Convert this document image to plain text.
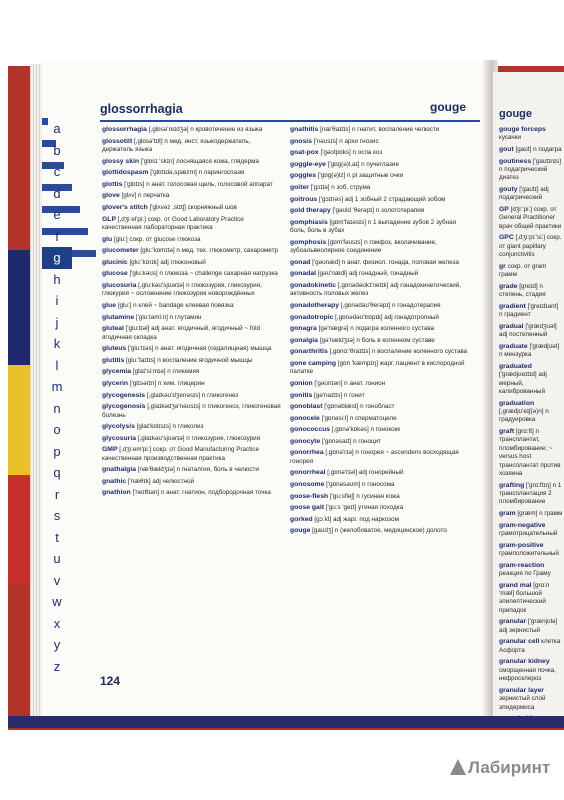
a
b
c
d
e
f
g
h
i
j
k
l
m
n
o
p
q
r
s
t
u
v
w
x
y
z
glossorrhagia	gouge
glossorrhagia [,glɒsə'reɪdʒə] n кровотечение из языка
glossotilt [,glɒsə'tɪlt] n мед. инст. языкодержатель, держатель языка
glossy skin ['glɒsɪ 'skɪn] лоснящаяся кожа, глядерма
glottidospasm ['glɒtɪdə,spæzm] n ларингоспазм
glottis ['glɒtɪs] n анат. голосовая щель, голосовой аппарат
glove [glʌv] n перчатка
glover's stitch ['glʌvəz ,stɪtʃ] скорняжный шов
GLP [,dʒi:el'pi:] сокр. от Good Laboratory Practice качественная лабораторная практика
glu [glu:] сокр. от glucose глюкоза
glucometer [glu:'kɒmɪtə] n мед. тех. глюкометр, сахарометр
glucinic [glu:'kɪnɪk] adj глюконовый
glucose ['glu:kəʊs] n глюкоза ~ challenge сахарная нагрузка
glucosuria [,glu:kəʊ'sjʊərɪə] n глюкозурия, гликозурия, глюкурия ~ осложнение глюкозурия новорождённых
glue [glu:] n клей ~ bandage клеевая повязка
glutamine ['glu:təmi:n] n глутамин
gluteal ['glu:tɪəl] adj анат. ягодичный, ягодичный ~ fold ягодичная складка
gluteus ['glu:tɪəs] n анат. ягодичная (седалищная) мышца
glutitis [glu:'taɪtɪs] n воспаление ягодичной мышцы
glycemia [glaɪ'si:mɪə] n гликемия
glycerin ['glɪsərɪn] n хим. глицерин
glycogenesis [,glaɪkəʊ'dʒenəsɪs] n гликогенез
glycogenosis [,glaɪkədʒə'nəʊsɪs] n гликогеноз, гликогеновая болезнь
glycolysis [glaɪ'kɒlɪsɪs] n гликолиз
glycosuria [,glaɪkəʊ'sjʊərɪə] n гликозурия, глюкозурия
GMP [,dʒi:em'pi:] сокр. от Good Manufacturing Practice качественная производственная практика
gnathalgia [næ'θældʒɪə] n гнаталгия, боль в челюсти
gnathic ['næθɪk] adj челюстной
gnathion ['neɪθɪən] n анат. гнатион, подбородочная точка
gnathitis [næ'θaɪtɪs] n гнатит, воспаление челюсти
gnosis ['nəʊsɪs] n архи гнозис
goat-pox ['gəʊtpɒks] n оспа коз
goggle-eye ['gɒg(ə)l,aɪ] n пучеглазие
goggles ['gɒg(ə)lz] n pl защитные очки
goiter ['gɔɪtə] n зоб, струма
goitrous ['gɔɪtrəs] adj 1 зобный 2 страдающий зобом
gold therapy ['gəʊld 'θerəpɪ] n золототерапия
gomphiasis [gɒm'faɪəsɪs] n 1 выпадение зубов 2 зубная боль, боль в зубах
gomphosis [gɒm'fəʊsɪs] n гомфоз, вколачивание, зубоальвеолярное соединение
gonad ['gəʊnæd] n анат. физиол. гонада, половая железа
gonadal [gəʊ'nædl] adj гонадный, гонадный
gonadokinetic [,gɒnədəʊkɪ'netɪk] adj гонадокинетический, активность половых желез
gonadotherapy [,gɒnədəʊ'θerəpɪ] n гонадотерапия
gonadotropic [,gɒnədəʊ'trɒpɪk] adj гонадотропный
gonagra [gə'nægrə] n подагра коленного сустава
gonalgia [gə'nældʒɪə] n боль в коленном суставе
gonarthritis [,gɒnɑ:'θraɪtɪs] n воспаление коленного сустава
gone camping [gɒn 'kæmpɪŋ] жарг. пациент в кислородной палатке
gonion ['gəʊnɪən] n анат. гонион
gonitis [gə'naɪtɪs] n гонит
gonoblast ['gɒnəblæst] n гонобласт
gonocele ['gɒnəsi:l] n сперматоцеле
gonococcus [,gɒnə'kɒkəs] n гонококк
gonocyte ['gɒnəsaɪt] n гоноцит
gonorrhea [,gɒnə'rɪə] n гонорея ~ ascendens восходящая гонорея
gonorrheal [,gɒnə'rɪəl] adj гонорейный
gonosome ['gɒnəsəʊm] n гоносома
goose-flesh ['gu:sfleʃ] n гусиная кожа
goose gait ['gu:s 'geɪt] утиная походка
gorked [gɔ:kt] adj жарг. под наркозом
gouge [gaʊdʒ] n (желобоватое, медицинское) долото
124
gouge
gouge forceps кусачки
gout [gaʊt] n подагра
goutiness ['gaʊtɪnɪs] n подагрический диатез
gouty ['gaʊtɪ] adj подагрический
GP [dʒi:'pi:] сокр. от General Practitioner врач общей практики
GPC [,dʒi:pi:'si:] сокр. от giant papillary conjunctivitis
gr сокр. от gram грамм
grade [greɪd] n степень, стадия
gradient ['greɪdɪənt] n градиент
gradual ['grædʒʊəl] adj постепенный
graduate ['grædjʊət] n мензурка
graduated ['grædjʊeɪtɪd] adj мерный, калиброванный
graduation [,grædjʊ'eɪʃ(ə)n] n градуировка
graft [grɑ:ft] n трансплантат, пломбирование; ~ versus host трансплантат против хозяина
grafting ['grɑ:ftɪŋ] n 1 трансплантация 2 пломбирование
gram [græm] n грамм
gram-negative грамотрицательный
gram-positive грамположительный
gram-reaction реакция по Граму
grand mal [grɑ:n 'mæl] большой эпилептический припадок
granular ['grænjʊlə] adj зернистый
granular cell клетка Асфорта
granular kidney сморщенная почка, нефросклероз
granular layer зернистый слой эпидермиса
Лабиринт
